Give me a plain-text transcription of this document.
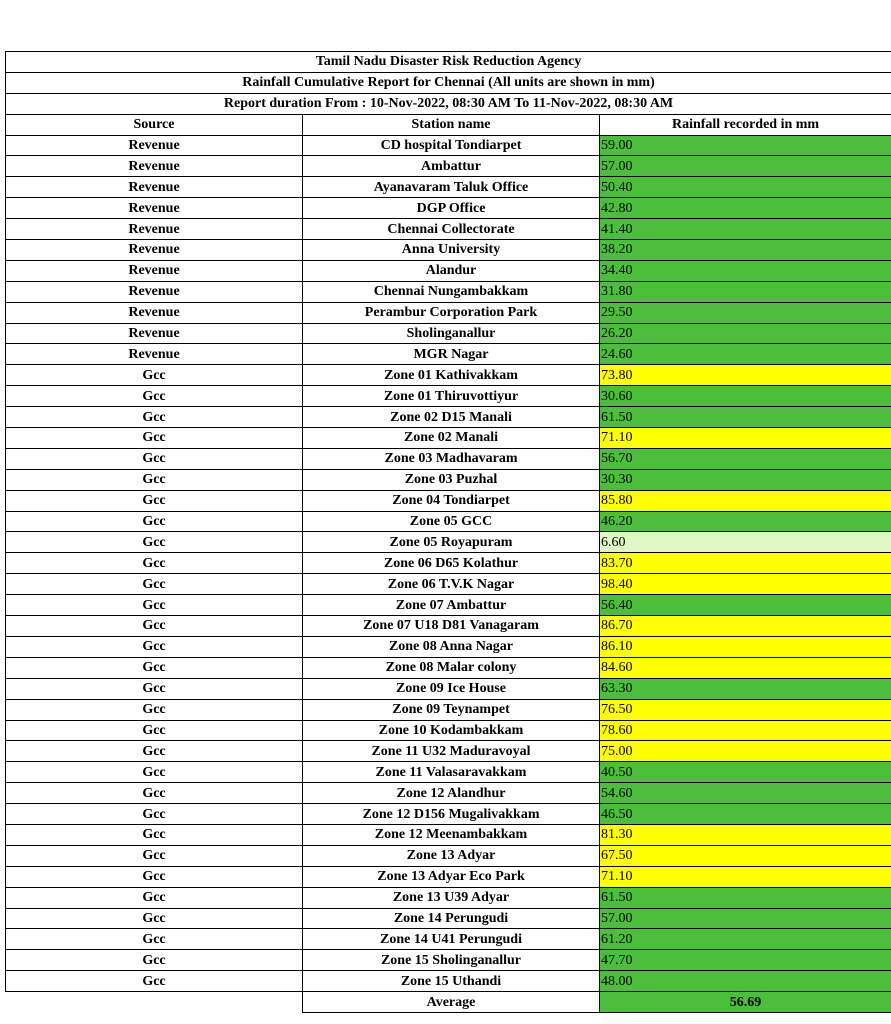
Tamil Nadu Disaster Risk Reduction Agency		
Rainfall Cumulative Report for Chennai (All units are shown in mm)		
Report duration From : 10-Nov-2022, 08:30 AM To 11-Nov-2022, 08:30 AM		
Source	Station name	Rainfall recorded in mm
Revenue	CD hospital Tondiarpet	59.00
Revenue	Ambattur	57.00
Revenue	Ayanavaram Taluk Office	50.40
Revenue	DGP Office	42.80
Revenue	Chennai Collectorate	41.40
Revenue	Anna University	38.20
Revenue	Alandur	34.40
Revenue	Chennai Nungambakkam	31.80
Revenue	Perambur Corporation Park	29.50
Revenue	Sholinganallur	26.20
Revenue	MGR Nagar	24.60
Gcc	Zone 01 Kathivakkam	73.80
Gcc	Zone 01 Thiruvottiyur	30.60
Gcc	Zone 02 D15 Manali	61.50
Gcc	Zone 02 Manali	71.10
Gcc	Zone 03 Madhavaram	56.70
Gcc	Zone 03 Puzhal	30.30
Gcc	Zone 04 Tondiarpet	85.80
Gcc	Zone 05 GCC	46.20
Gcc	Zone 05 Royapuram	6.60
Gcc	Zone 06 D65 Kolathur	83.70
Gcc	Zone 06 T.V.K Nagar	98.40
Gcc	Zone 07 Ambattur	56.40
Gcc	Zone 07 U18 D81 Vanagaram	86.70
Gcc	Zone 08 Anna Nagar	86.10
Gcc	Zone 08 Malar colony	84.60
Gcc	Zone 09 Ice House	63.30
Gcc	Zone 09 Teynampet	76.50
Gcc	Zone 10 Kodambakkam	78.60
Gcc	Zone 11 U32 Maduravoyal	75.00
Gcc	Zone 11 Valasaravakkam	40.50
Gcc	Zone 12 Alandhur	54.60
Gcc	Zone 12 D156 Mugalivakkam	46.50
Gcc	Zone 12 Meenambakkam	81.30
Gcc	Zone 13 Adyar	67.50
Gcc	Zone 13 Adyar Eco Park	71.10
Gcc	Zone 13 U39 Adyar	61.50
Gcc	Zone 14 Perungudi	57.00
Gcc	Zone 14 U41 Perungudi	61.20
Gcc	Zone 15 Sholinganallur	47.70
Gcc	Zone 15 Uthandi	48.00
	Average	56.69
